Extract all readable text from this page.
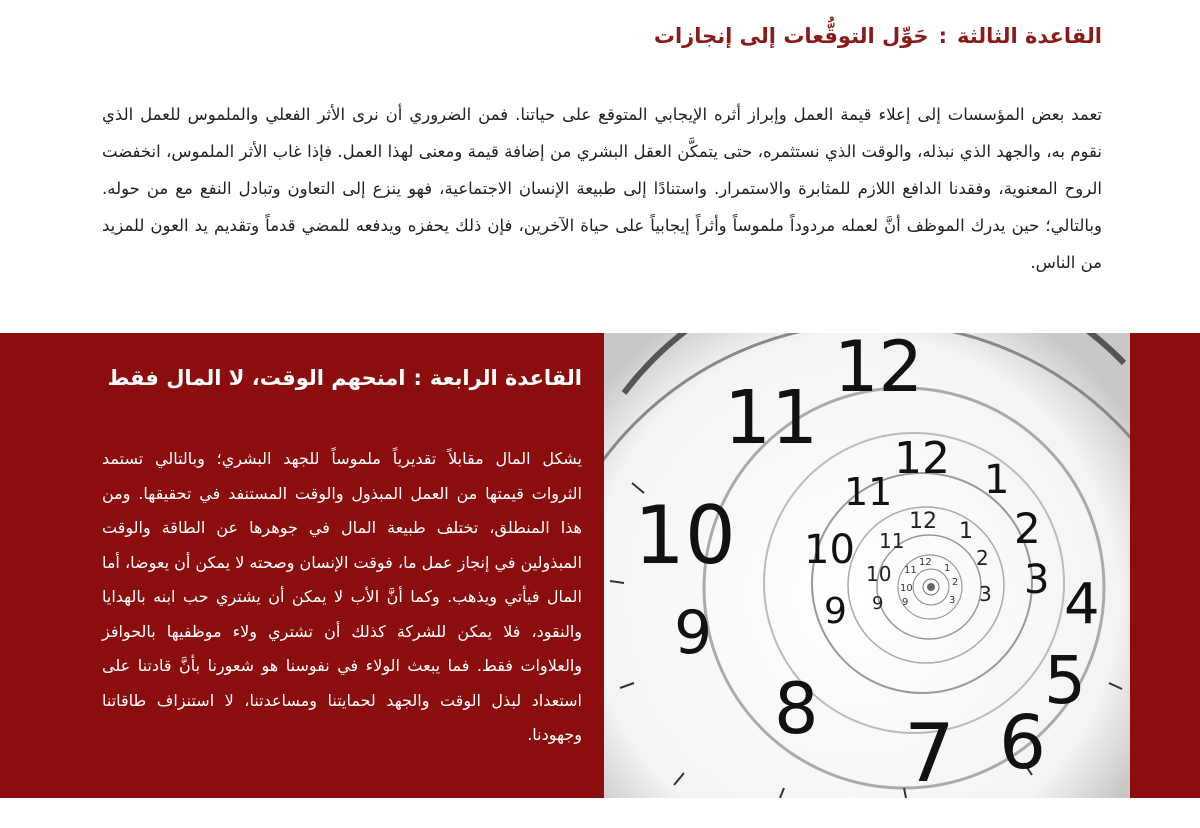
القاعدة الثالثة:حَوِّل التوقُّعات إلى إنجازات
تعمد بعض المؤسسات إلى إعلاء قيمة العمل وإبراز أثره الإيجابي المتوقع على حياتنا. فمن الضروري أن نرى الأثر الفعلي والملموس للعمل الذي نقوم به، والجهد الذي نبذله، والوقت الذي نستثمره، حتى يتمكَّن العقل البشري من إضافة قيمة ومعنى لهذا العمل. فإذا غاب الأثر الملموس، انخفضت الروح المعنوية، وفقدنا الدافع اللازم للمثابرة والاستمرار. واستنادًا إلى طبيعة الإنسان الاجتماعية، فهو ينزع إلى التعاون وتبادل النفع مع من حوله. وبالتالي؛ حين يدرك الموظف أنَّ لعمله مردوداً ملموساً وأثراً إيجابياً على حياة الآخرين، فإن ذلك يحفزه ويدفعه للمضي قدماً وتقديم يد العون للمزيد من الناس.
12
11
10
9
8 7 6
5
4
12
11
10
9
1
2
3
12
11
10
1
2
9	3
12
11	1
2
10
9	3
القاعدة الرابعة:امنحهم الوقت، لا المال فقط
يشكل المال مقابلاً تقديرياً ملموساً للجهد البشري؛ وبالتالي تستمد الثروات قيمتها من العمل المبذول والوقت المستنفد في تحقيقها. ومن هذا المنطلق، تختلف طبيعة المال في جوهرها عن الطاقة والوقت المبذولين في إنجاز عمل ما، فوقت الإنسان وصحته لا يمكن أن يعوضا، أما المال فيأتي ويذهب. وكما أنَّ الأب لا يمكن أن يشتري حب ابنه بالهدايا والنقود، فلا يمكن للشركة كذلك أن تشتري ولاء موظفيها بالحوافز والعلاوات فقط. فما يبعث الولاء في نفوسنا هو شعورنا بأنَّ قادتنا على استعداد لبذل الوقت والجهد لحمايتنا ومساعدتنا، لا استنزاف طاقاتنا وجهودنا.
